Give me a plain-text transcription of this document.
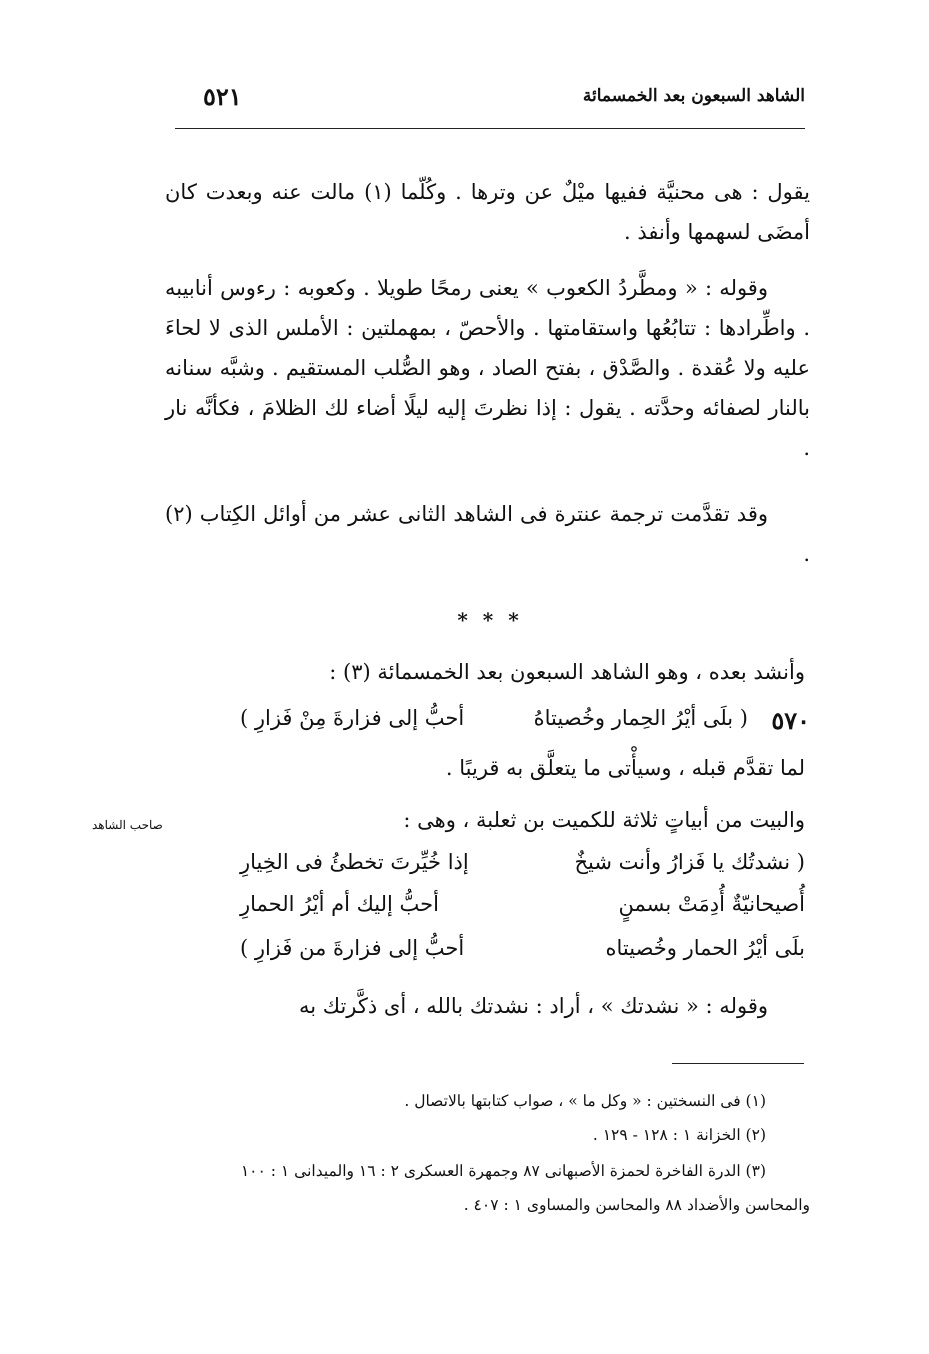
الشاهد السبعون بعد الخمسمائة
٥٢١

يقول : هى محنيَّة ففيها ميْلٌ عن وترها . وكُلّما (١) مالت عنه وبعدت كان أمضَى لسهمها وأنفذ .

وقوله : « ومطَّردُ الكعوب » يعنى رمحًا طويلا . وكعوبه : رءوس أنابيبه . واطِّرادها : تتابُعُها واستقامتها . والأحصّ ، بمهملتين : الأملس الذى لا لحاءَ عليه ولا عُقدة . والصَّدْق ، بفتح الصاد ، وهو الصُّلب المستقيم . وشبَّه سنانه بالنار لصفائه وحدَّته . يقول : إذا نظرتَ إليه ليلًا أضاء لك الظلامَ ، فكأنَّه نار .

وقد تقدَّمت ترجمة عنترة فى الشاهد الثانى عشر من أوائل الكِتاب (٢) .

* * *
وأنشد بعده ، وهو الشاهد السبعون بعد الخمسمائة (٣) :
٥٧٠
( بلَى أيْرُ الحِمار وخُصيتاهُ
أحبُّ إلى فزارةَ مِنْ فَزارِ )
لما تقدَّم قبله ، وسيأْتى ما يتعلَّق به قريبًا .
والبيت من أبياتٍ ثلاثة للكميت بن ثعلبة ، وهى :
صاحب الشاهد
( نشدتُك يا فَزارُ وأنت شيخٌ
إذا خُيِّرتَ تخطئُ فى الخِيارِ
أُصيحانيّةٌ أُدِمَتْ بسمنٍ
أحبُّ إليك أم أيْرُ الحمارِ
بلَى أيْرُ الحمار وخُصيتاه
أحبُّ إلى فزارةَ من فَزارِ )

وقوله : « نشدتك » ، أراد : نشدتك بالله ، أى ذكَّرتك به

(١) فى النسختين : « وكل ما » ، صواب كتابتها بالاتصال .
(٢) الخزانة ١ : ١٢٨ - ١٢٩ .
(٣) الدرة الفاخرة لحمزة الأصبهانى ٨٧ وجمهرة العسكرى ٢ : ١٦ والميدانى ١ : ١٠٠
والمحاسن والأضداد ٨٨ والمحاسن والمساوى ١ : ٤٠٧ .
